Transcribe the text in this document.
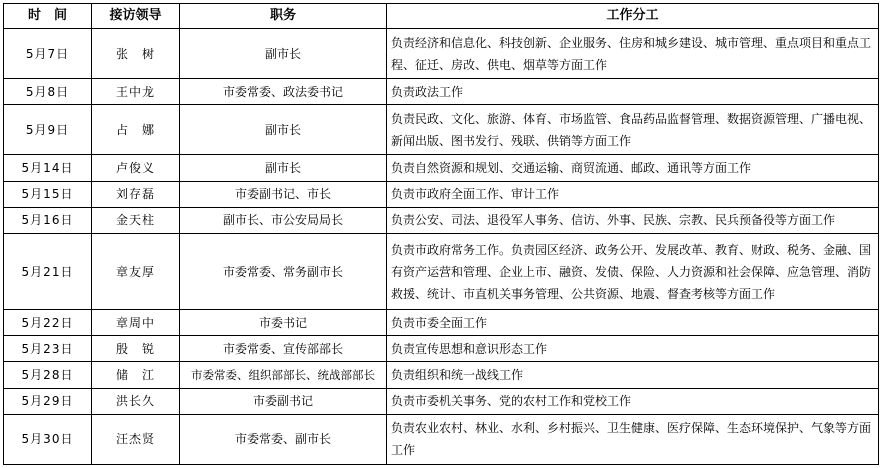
时　间	接访领导	职务	工作分工
5月7日	张　树	副市长	负责经济和信息化、科技创新、企业服务、住房和城乡建设、城市管理、重点项目和重点工程、征迁、房改、供电、烟草等方面工作
5月8日	王中龙	市委常委、政法委书记	负责政法工作
5月9日	占　娜	副市长	负责民政、文化、旅游、体育、市场监管、食品药品监督管理、数据资源管理、广播电视、新闻出版、图书发行、残联、供销等方面工作
5月14日	卢俊义	副市长	负责自然资源和规划、交通运输、商贸流通、邮政、通讯等方面工作
5月15日	刘存磊	市委副书记、市长	负责市政府全面工作、审计工作
5月16日	金天柱	副市长、市公安局局长	负责公安、司法、退役军人事务、信访、外事、民族、宗教、民兵预备役等方面工作
5月21日	章友厚	市委常委、常务副市长	负责市政府常务工作。负责园区经济、政务公开、发展改革、教育、财政、税务、金融、国有资产运营和管理、企业上市、融资、发债、保险、人力资源和社会保障、应急管理、消防救援、统计、市直机关事务管理、公共资源、地震、督查考核等方面工作
5月22日	章周中	市委书记	负责市委全面工作
5月23日	殷　锐	市委常委、宣传部部长	负责宣传思想和意识形态工作
5月28日	储　江	市委常委、组织部部长、统战部部长	负责组织和统一战线工作
5月29日	洪长久	市委副书记	负责市委机关事务、党的农村工作和党校工作
5月30日	汪杰贤	市委常委、副市长	负责农业农村、林业、水利、乡村振兴、卫生健康、医疗保障、生态环境保护、气象等方面工作
